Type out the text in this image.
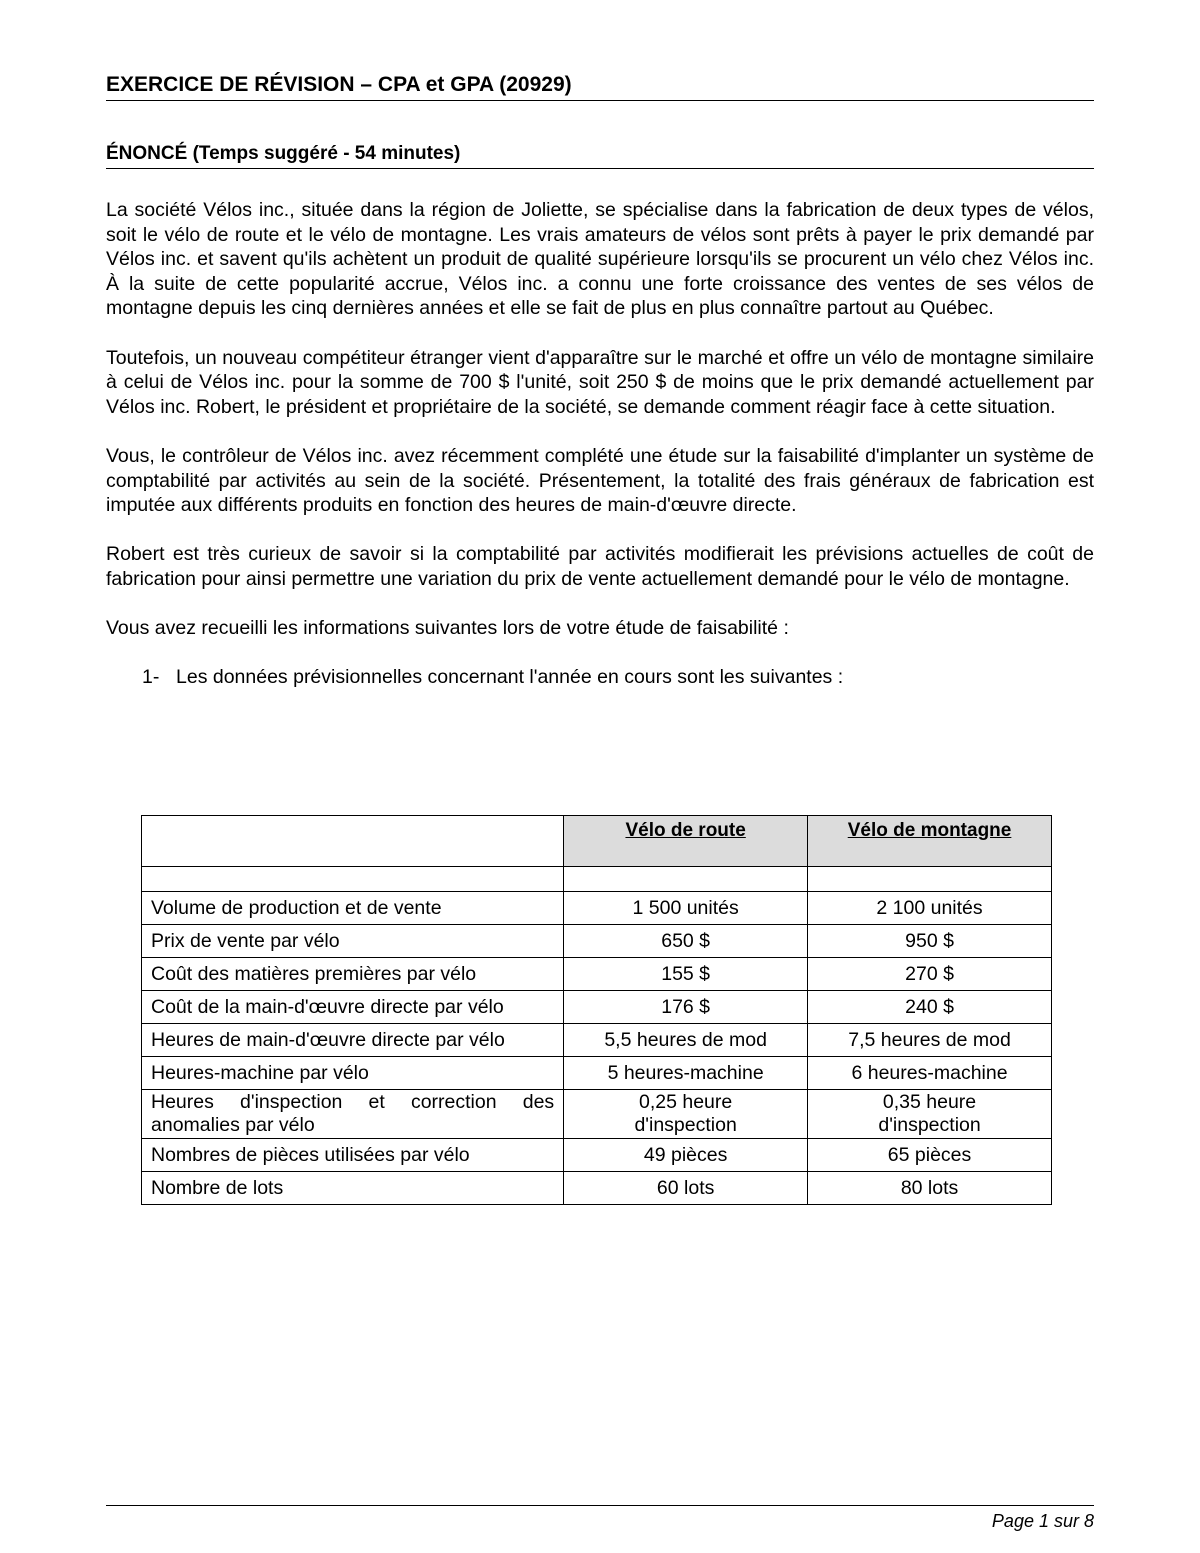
EXERCICE DE RÉVISION – CPA et GPA (20929)
ÉNONCÉ (Temps suggéré - 54 minutes)

La société Vélos inc., située dans la région de Joliette, se spécialise dans la fabrication de deux types de vélos, soit le vélo de route et le vélo de montagne. Les vrais amateurs de vélos sont prêts à payer le prix demandé par Vélos inc. et savent qu'ils achètent un produit de qualité supérieure lorsqu'ils se procurent un vélo chez Vélos inc. À la suite de cette popularité accrue, Vélos inc. a connu une forte croissance des ventes de ses vélos de montagne depuis les cinq dernières années et elle se fait de plus en plus connaître partout au Québec.

Toutefois, un nouveau compétiteur étranger vient d'apparaître sur le marché et offre un vélo de montagne similaire à celui de Vélos inc. pour la somme de 700 $ l'unité, soit 250 $ de moins que le prix demandé actuellement par Vélos inc. Robert, le président et propriétaire de la société, se demande comment réagir face à cette situation.

Vous, le contrôleur de Vélos inc. avez récemment complété une étude sur la faisabilité d'implanter un système de comptabilité par activités au sein de la société. Présentement, la totalité des frais généraux de fabrication est imputée aux différents produits en fonction des heures de main-d'œuvre directe.

Robert est très curieux de savoir si la comptabilité par activités modifierait les prévisions actuelles de coût de fabrication pour ainsi permettre une variation du prix de vente actuellement demandé pour le vélo de montagne.

Vous avez recueilli les informations suivantes lors de votre étude de faisabilité :

1- Les données prévisionnelles concernant l'année en cours sont les suivantes :
	Vélo de route	Vélo de montagne

Volume de production et de vente	1 500 unités	2 100 unités
Prix de vente par vélo	650 $	950 $
Coût des matières premières par vélo	155 $	270 $
Coût de la main-d'œuvre directe par vélo	176 $	240 $
Heures de main-d'œuvre directe par vélo	5,5 heures de mod	7,5 heures de mod
Heures-machine par vélo	5 heures-machine	6 heures-machine
Heures d'inspection et correction des anomalies par vélo	0,25 heure d'inspection	0,35 heure d'inspection
Nombres de pièces utilisées par vélo	49 pièces	65 pièces
Nombre de lots	60 lots	80 lots
Page 1 sur 8
